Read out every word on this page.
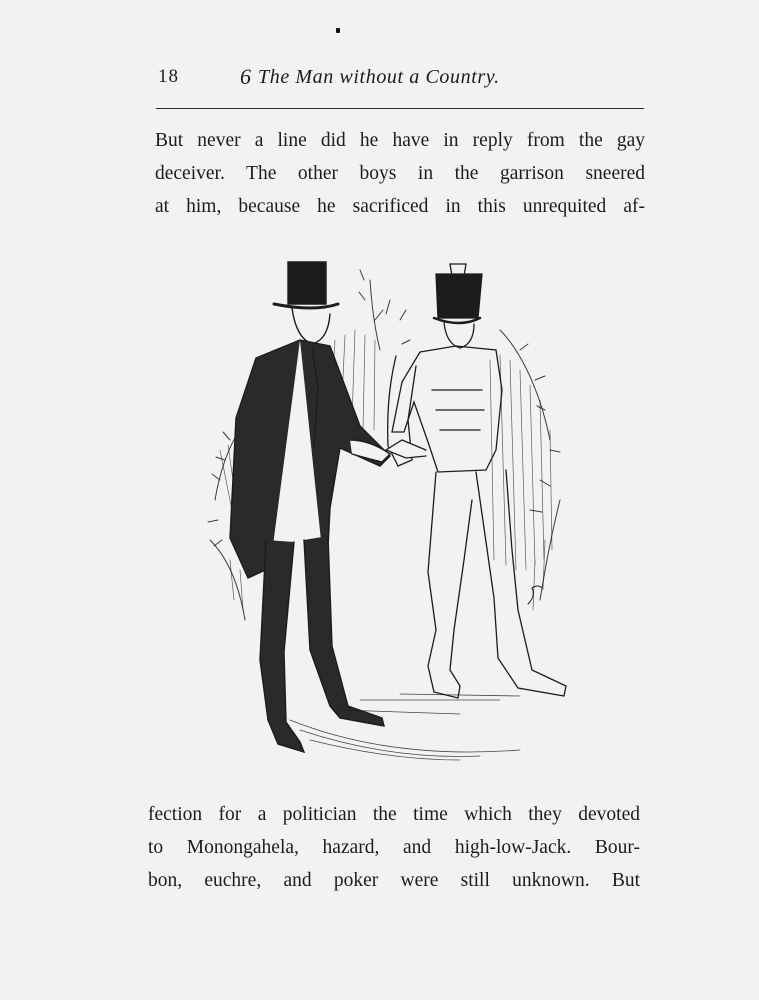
18	6 The Man without a Country.
But never a line did he have in reply from the gay
deceiver. The other boys in the garrison sneered
at him, because he sacrificed in this unrequited af-
fection for a politician the time which they devoted
to Monongahela, hazard, and high-low-Jack. Bour-
bon, euchre, and poker were still unknown. But
